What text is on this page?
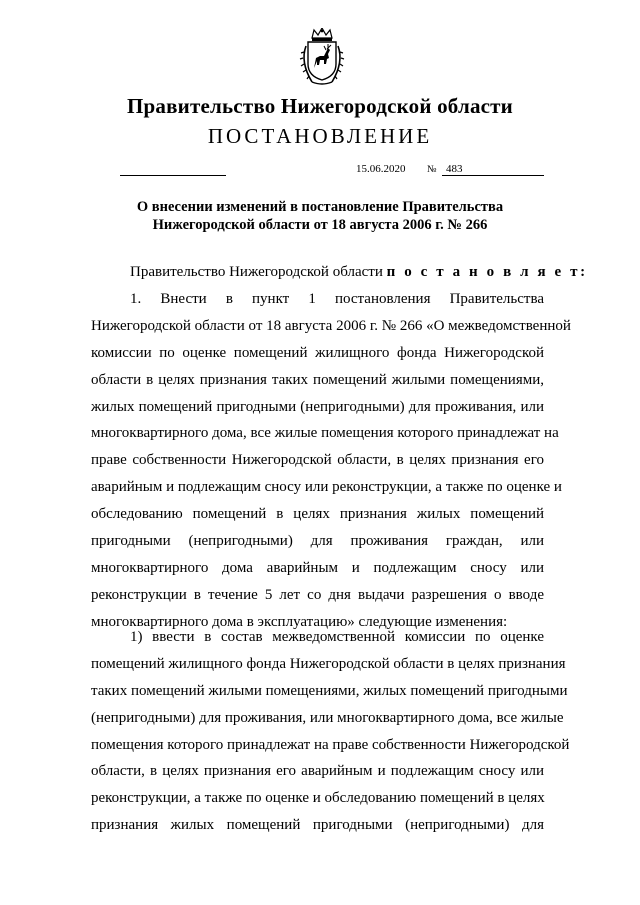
Правительство Нижегородской области
ПОСТАНОВЛЕНИЕ
15.06.2020 № 483
О внесении изменений в постановление Правительства
Нижегородской области от 18 августа 2006 г. № 266
Правительство Нижегородской области п о с т а н о в л я е т:
1. Внести в пункт 1 постановления Правительства
Нижегородской области от 18 августа 2006 г. № 266 «О межведомственной
комиссии по оценке помещений жилищного фонда Нижегородской
области в целях признания таких помещений жилыми помещениями,
жилых помещений пригодными (непригодными) для проживания, или
многоквартирного дома, все жилые помещения которого принадлежат на
праве собственности Нижегородской области, в целях признания его
аварийным и подлежащим сносу или реконструкции, а также по оценке и
обследованию помещений в целях признания жилых помещений
пригодными (непригодными) для проживания граждан, или
многоквартирного дома аварийным и подлежащим сносу или
реконструкции в течение 5 лет со дня выдачи разрешения о вводе
многоквартирного дома в эксплуатацию» следующие изменения:
1) ввести в состав межведомственной комиссии по оценке
помещений жилищного фонда Нижегородской области в целях признания
таких помещений жилыми помещениями, жилых помещений пригодными
(непригодными) для проживания, или многоквартирного дома, все жилые
помещения которого принадлежат на праве собственности Нижегородской
области, в целях признания его аварийным и подлежащим сносу или
реконструкции, а также по оценке и обследованию помещений в целях
признания жилых помещений пригодными (непригодными) для
